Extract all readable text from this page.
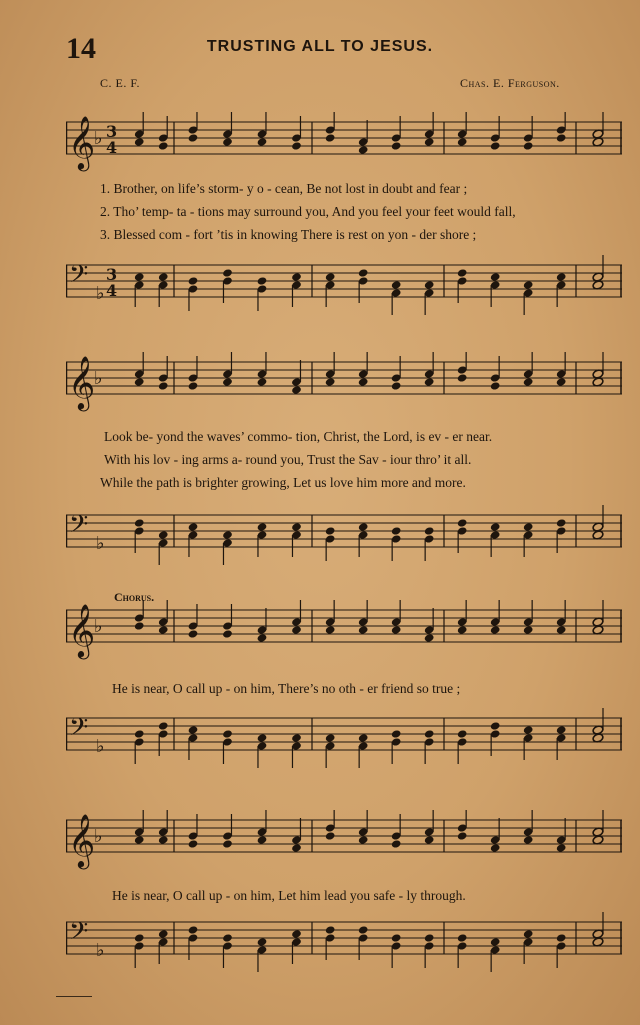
14	TRUSTING ALL TO JESUS.
C. E. F.	Chas. E. Ferguson.
𝄞
♭ 3
4
1. Brother, on life’s storm- y o - cean, Be not lost in doubt and fear ;
2. Tho’ temp- ta - tions may surround you, And you feel your feet would fall,
3. Blessed com - fort ’tis in knowing There is rest on yon - der shore ;
𝄢 ♭
3
4
𝄞
♭
Look be- yond the waves’ commo- tion, Christ, the Lord, is ev - er near.
With his lov - ing arms a- round you, Trust the Sav - iour thro’ it all.
While the path is brighter growing, Let us love him more and more.
𝄢 ♭
Chorus.
𝄞
♭
He is near, O call up - on him, There’s no oth - er friend so true ;
𝄢 ♭
𝄞
♭
He is near, O call up - on him, Let him lead you safe - ly through.
𝄢 ♭
